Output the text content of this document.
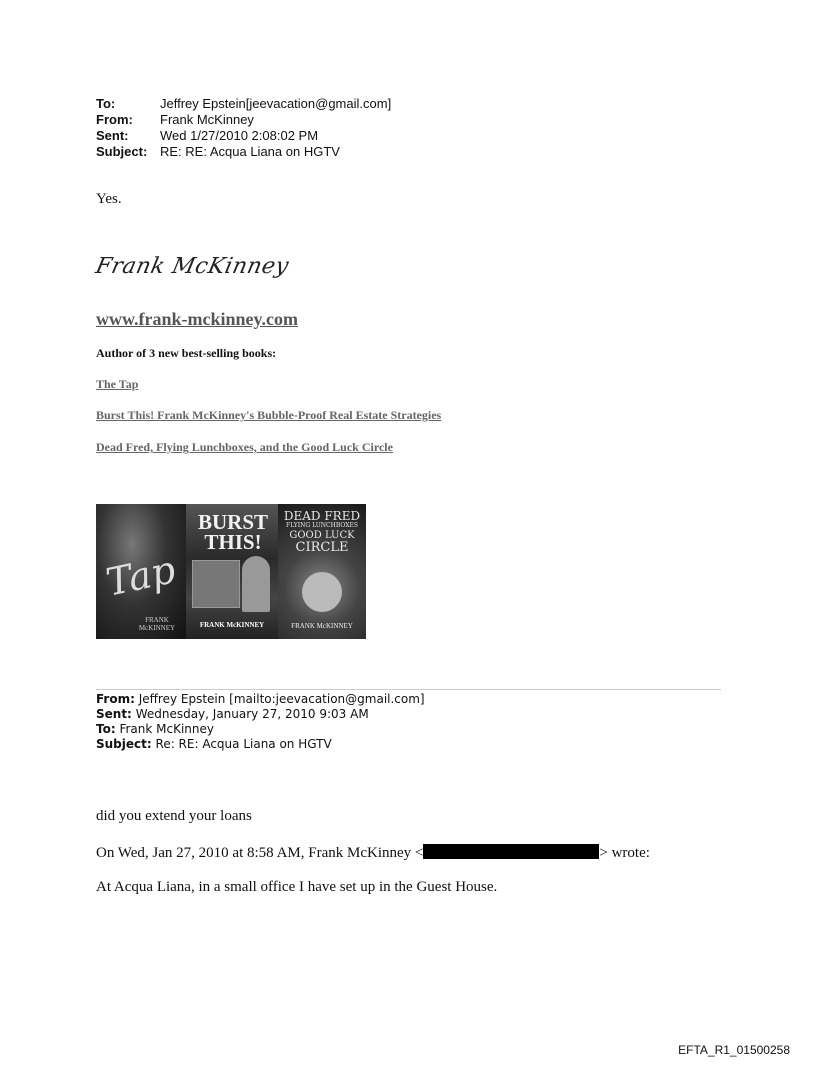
To:	Jeffrey Epstein[jeevacation@gmail.com]
From:	Frank McKinney
Sent:	Wed 1/27/2010 2:08:02 PM
Subject:	RE: RE: Acqua Liana on HGTV
Yes.
Frank McKinney
www.frank-mckinney.com
Author of 3 new best-selling books:
The Tap
Burst This! Frank McKinney's Bubble-Proof Real Estate Strategies
Dead Fred, Flying Lunchboxes, and the Good Luck Circle
Tap
FRANK McKINNEY
BURST
THIS!
FRANK McKINNEY
DEAD FRED
FLYING LUNCHBOXES
GOOD LUCK
CIRCLE
FRANK McKINNEY
From: Jeffrey Epstein [mailto:jeevacation@gmail.com]
Sent: Wednesday, January 27, 2010 9:03 AM
To: Frank McKinney
Subject: Re: RE: Acqua Liana on HGTV
did you extend your loans
On Wed, Jan 27, 2010 at 8:58 AM, Frank McKinney <	> wrote:
At Acqua Liana, in a small office I have set up in the Guest House.
EFTA_R1_01500258
